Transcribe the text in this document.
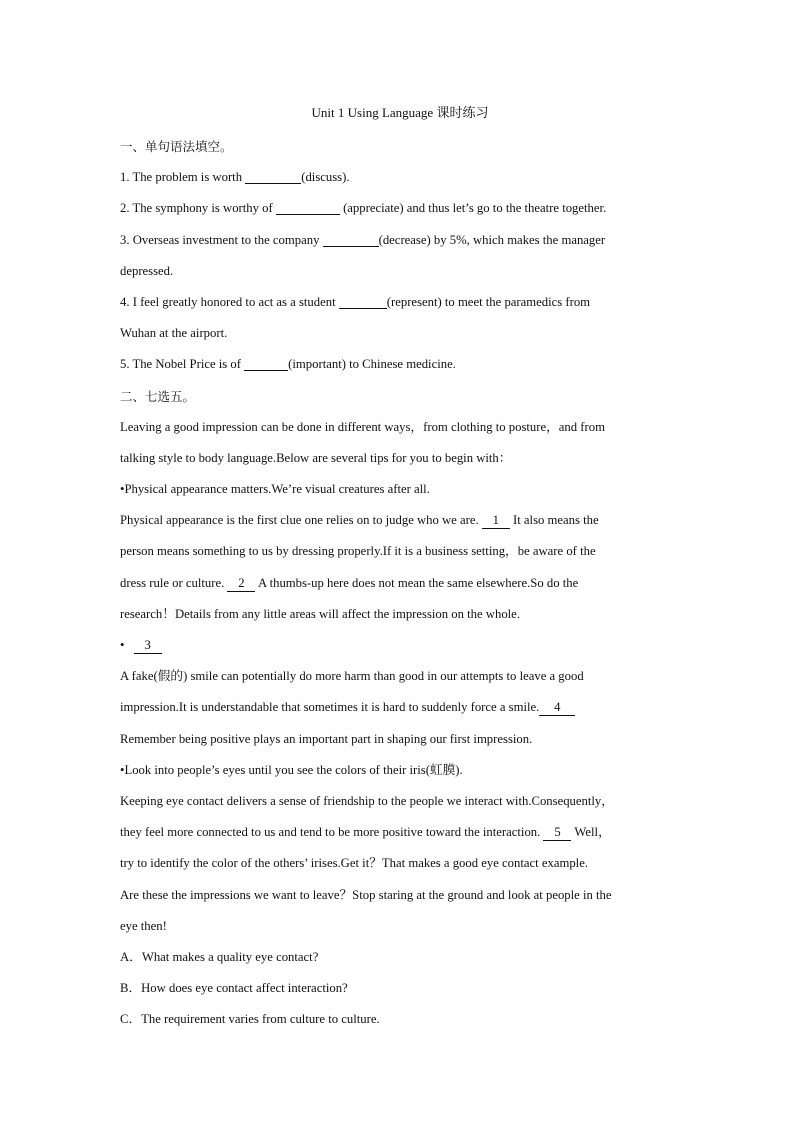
Unit 1 Using Language 课时练习
一、单句语法填空。
1. The problem is worth	(discuss).
2. The symphony is worthy of	(appreciate) and thus let’s go to the theatre together.
3. Overseas investment to the company	(decrease) by 5%, which makes the manager
depressed.
4. I feel greatly honored to act as a student	(represent) to meet the paramedics from
Wuhan at the airport.
5. The Nobel Price is of	(important) to Chinese medicine.
二、七选五。
Leaving a good impression can be done in different ways，from clothing to posture，and from
talking style to body language.Below are several tips for you to begin with：
•Physical appearance matters.We’re visual creatures after all.
Physical appearance is the first clue one relies on to judge who we are. 1 It also means the
person means something to us by dressing properly.If it is a business setting，be aware of the
dress rule or culture. 2 A thumbs-up here does not mean the same elsewhere.So do the
research！Details from any little areas will affect the impression on the whole.
• 3
A fake(假的) smile can potentially do more harm than good in our attempts to leave a good
impression.It is understandable that sometimes it is hard to suddenly force a smile. 4
Remember being positive plays an important part in shaping our first impression.
•Look into people’s eyes until you see the colors of their iris(虹膜).
Keeping eye contact delivers a sense of friendship to the people we interact with.Consequently，
they feel more connected to us and tend to be more positive toward the interaction. 5 Well，
try to identify the color of the others’ irises.Get it？That makes a good eye contact example.
Are these the impressions we want to leave？Stop staring at the ground and look at people in the
eye then!
A．What makes a quality eye contact?
B．How does eye contact affect interaction?
C．The requirement varies from culture to culture.
